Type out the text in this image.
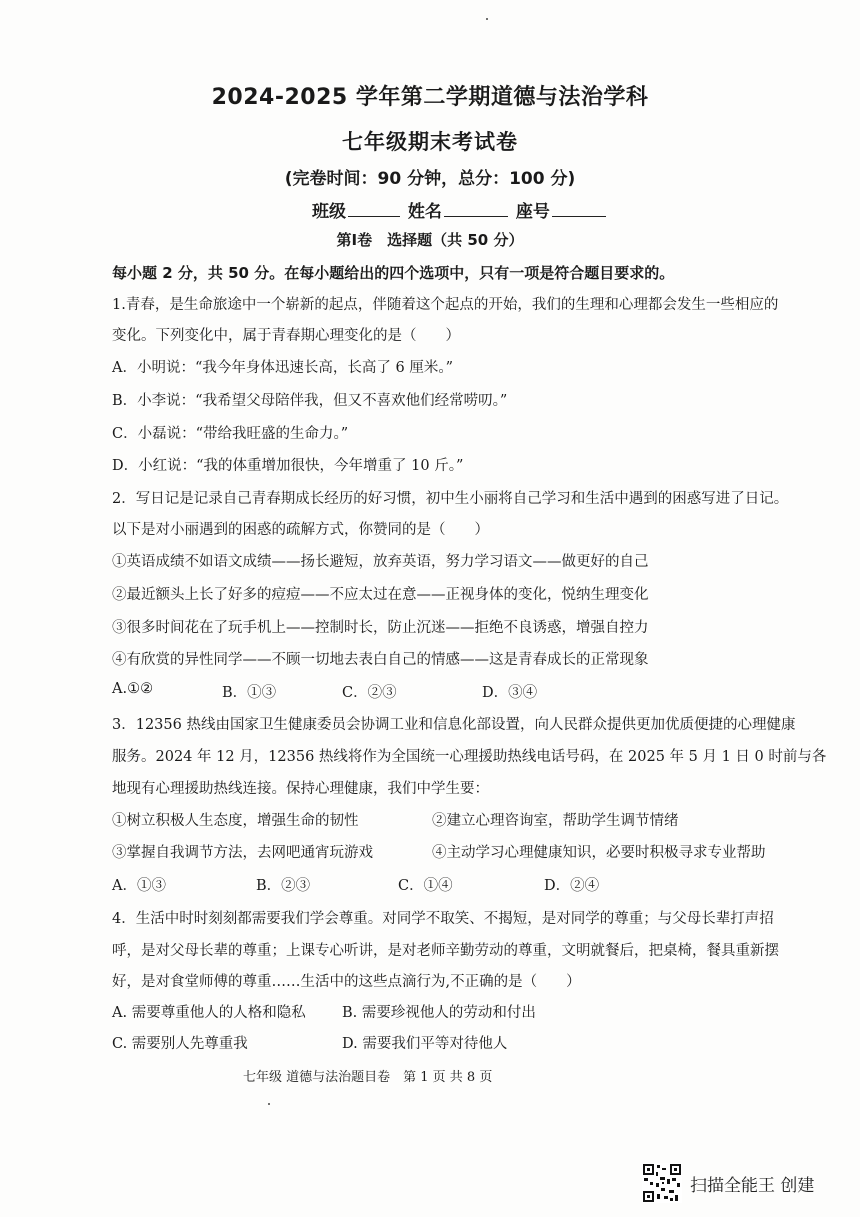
2024-2025 学年第二学期道德与法治学科
七年级期末考试卷
(完卷时间：90 分钟，总分：100 分)
班级	姓名	座号
第Ⅰ卷　选择题（共 50 分）
每小题 2 分，共 50 分。在每小题给出的四个选项中，只有一项是符合题目要求的。
1.青春，是生命旅途中一个崭新的起点，伴随着这个起点的开始，我们的生理和心理都会发生一些相应的
变化。下列变化中，属于青春期心理变化的是（　　）
A．小明说：“我今年身体迅速长高，长高了 6 厘米。”
B．小李说：“我希望父母陪伴我，但又不喜欢他们经常唠叨。”
C．小磊说：“带给我旺盛的生命力。”
D．小红说：“我的体重增加很快，今年增重了 10 斤。”
2．写日记是记录自己青春期成长经历的好习惯，初中生小丽将自己学习和生活中遇到的困惑写进了日记。
以下是对小丽遇到的困惑的疏解方式，你赞同的是（　　）
①英语成绩不如语文成绩——扬长避短，放弃英语，努力学习语文——做更好的自己
②最近额头上长了好多的痘痘——不应太过在意——正视身体的变化，悦纳生理变化
③很多时间花在了玩手机上——控制时长，防止沉迷——拒绝不良诱惑，增强自控力
④有欣赏的异性同学——不顾一切地去表白自己的情感——这是青春成长的正常现象
A.①②	B．①③	C．②③	D．③④
3．12356 热线由国家卫生健康委员会协调工业和信息化部设置，向人民群众提供更加优质便捷的心理健康
服务。2024 年 12 月，12356 热线将作为全国统一心理援助热线电话号码，在 2025 年 5 月 1 日 0 时前与各
地现有心理援助热线连接。保持心理健康，我们中学生要：
①树立积极人生态度，增强生命的韧性	②建立心理咨询室，帮助学生调节情绪
③掌握自我调节方法，去网吧通宵玩游戏	④主动学习心理健康知识，必要时积极寻求专业帮助
A．①③	B．②③	C．①④	D．②④
4．生活中时时刻刻都需要我们学会尊重。对同学不取笑、不揭短，是对同学的尊重；与父母长辈打声招
呼，是对父母长辈的尊重；上课专心听讲，是对老师辛勤劳动的尊重，文明就餐后，把桌椅，餐具重新摆
好，是对食堂师傅的尊重……生活中的这些点滴行为,不正确的是（　　）
A. 需要尊重他人的人格和隐私	B. 需要珍视他人的劳动和付出
C. 需要别人先尊重我	D. 需要我们平等对待他人
七年级 道德与法治题目卷　第 1 页 共 8 页
扫描全能王 创建
